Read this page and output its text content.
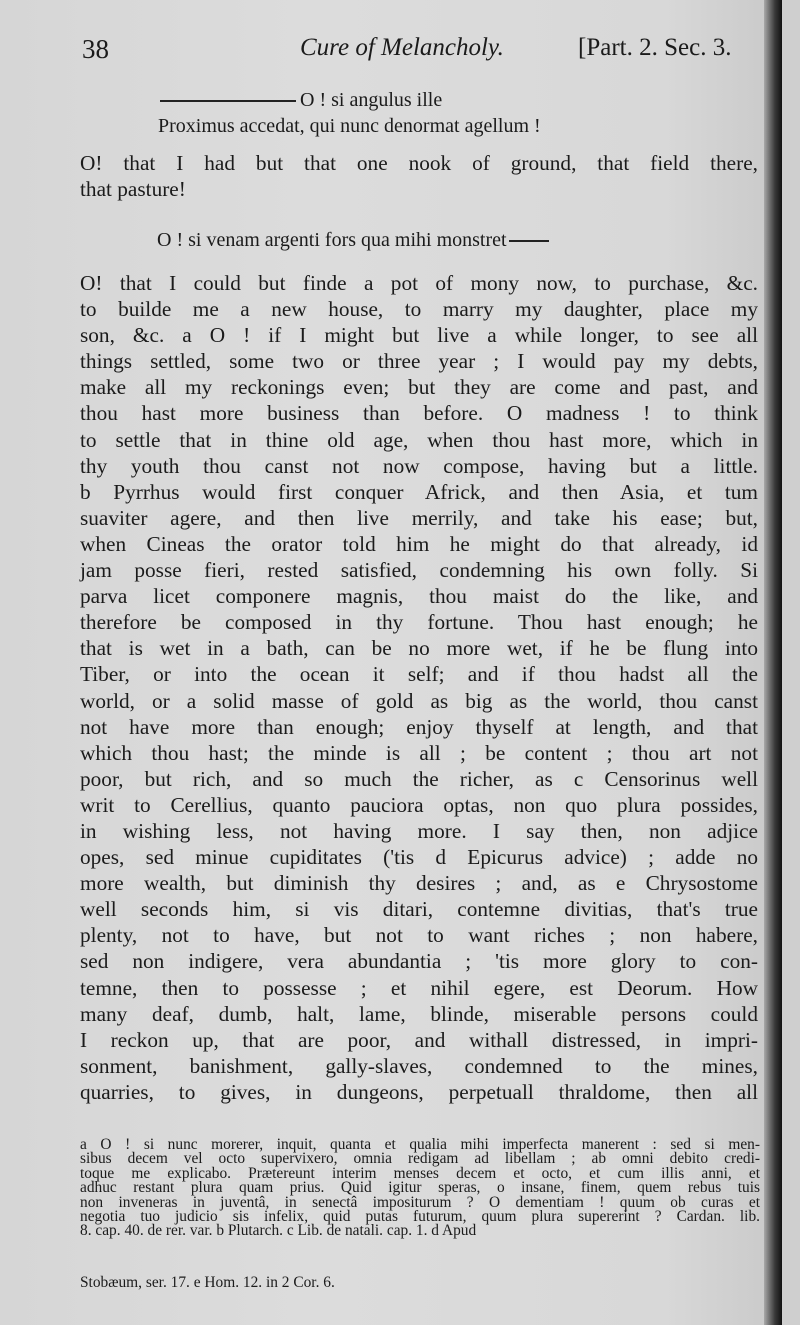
38	Cure of Melancholy.	[Part. 2. Sec. 3.
O ! si angulus ille
Proximus accedat, qui nunc denormat agellum !
O! that I had but that one nook of ground, that field there,
that pasture!
O ! si venam argenti fors qua mihi monstret
O! that I could but finde a pot of mony now, to purchase, &c.
to builde me a new house, to marry my daughter, place my
son, &c. a O ! if I might but live a while longer, to see all
things settled, some two or three year ; I would pay my debts,
make all my reckonings even; but they are come and past, and
thou hast more business than before. O madness ! to think
to settle that in thine old age, when thou hast more, which in
thy youth thou canst not now compose, having but a little.
b Pyrrhus would first conquer Africk, and then Asia, et tum
suaviter agere, and then live merrily, and take his ease; but,
when Cineas the orator told him he might do that already, id
jam posse fieri, rested satisfied, condemning his own folly. Si
parva licet componere magnis, thou maist do the like, and
therefore be composed in thy fortune. Thou hast enough; he
that is wet in a bath, can be no more wet, if he be flung into
Tiber, or into the ocean it self; and if thou hadst all the
world, or a solid masse of gold as big as the world, thou canst
not have more than enough; enjoy thyself at length, and that
which thou hast; the minde is all ; be content ; thou art not
poor, but rich, and so much the richer, as c Censorinus well
writ to Cerellius, quanto pauciora optas, non quo plura possides,
in wishing less, not having more. I say then, non adjice
opes, sed minue cupiditates ('tis d Epicurus advice) ; adde no
more wealth, but diminish thy desires ; and, as e Chrysostome
well seconds him, si vis ditari, contemne divitias, that's true
plenty, not to have, but not to want riches ; non habere,
sed non indigere, vera abundantia ; 'tis more glory to con-
temne, then to possesse ; et nihil egere, est Deorum. How
many deaf, dumb, halt, lame, blinde, miserable persons could
I reckon up, that are poor, and withall distressed, in impri-
sonment, banishment, gally-slaves, condemned to the mines,
quarries, to gives, in dungeons, perpetuall thraldome, then all
a O ! si nunc morerer, inquit, quanta et qualia mihi imperfecta manerent : sed si men-
sibus decem vel octo supervixero, omnia redigam ad libellam ; ab omni debito credi-
toque me explicabo. Prætereunt interim menses decem et octo, et cum illis anni, et
adhuc restant plura quam prius. Quid igitur speras, o insane, finem, quem rebus tuis
non inveneras in juventâ, in senectâ impositurum ? O dementiam ! quum ob curas et
negotia tuo judicio sis infelix, quid putas futurum, quum plura supererint ? Cardan. lib.
8. cap. 40. de rer. var. b Plutarch. c Lib. de natali. cap. 1. d Apud
Stobæum, ser. 17. e Hom. 12. in 2 Cor. 6.
